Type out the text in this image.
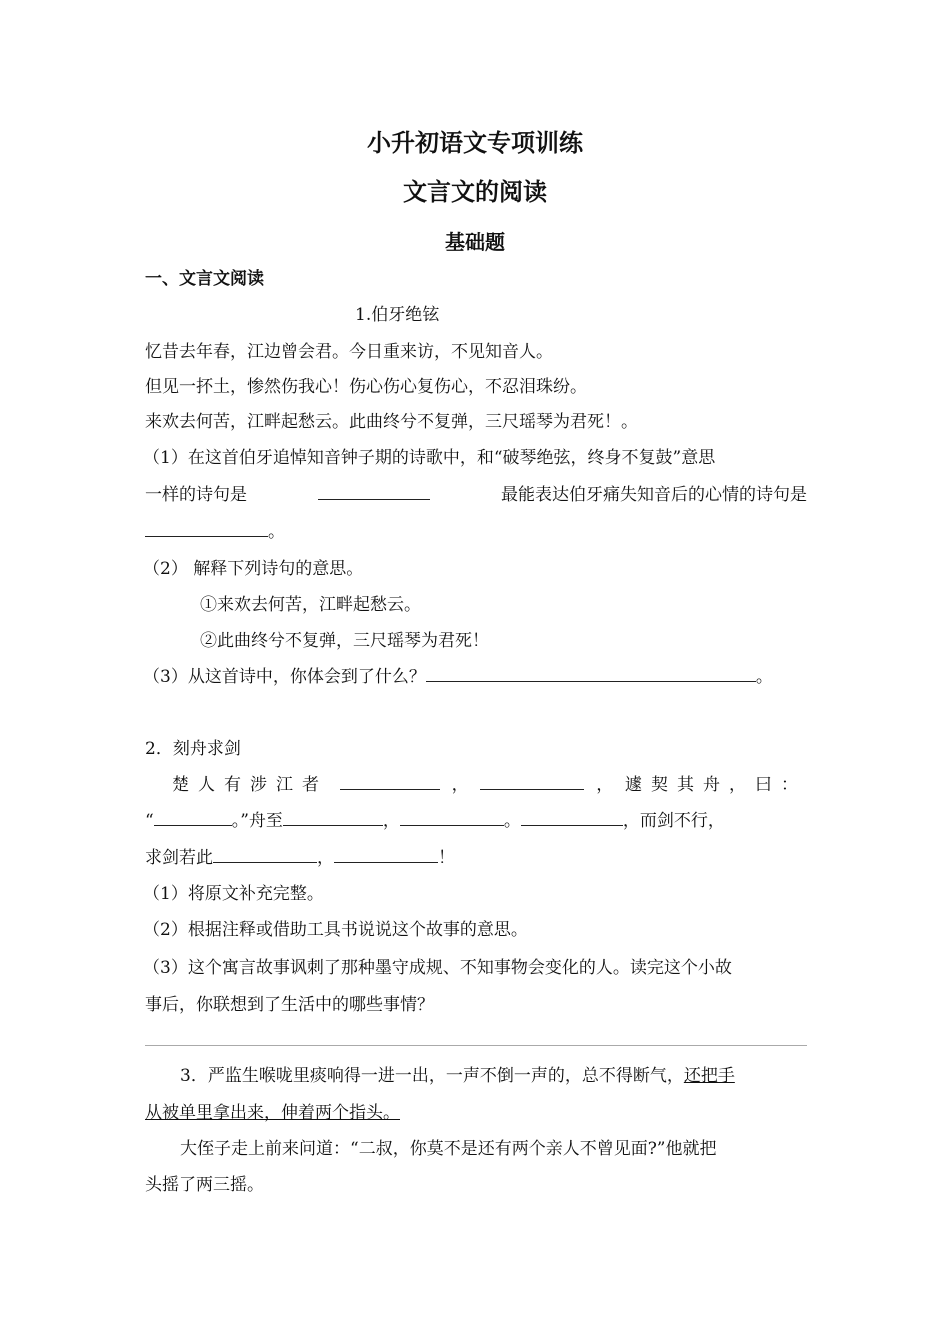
小升初语文专项训练
文言文的阅读
基础题
一、文言文阅读
1.伯牙绝铉
忆昔去年春，江边曾会君。今日重来访，不见知音人。
但见一抔土，惨然伤我心！伤心伤心复伤心，不忍泪珠纷。
来欢去何苦，江畔起愁云。此曲终兮不复弹，三尺瑶琴为君死！。
（1）在这首伯牙追悼知音钟子期的诗歌中，和“破琴绝弦，终身不复鼓”意思
一样的诗句是	最能表达伯牙痛失知音后的心情的诗句是
。
（2） 解释下列诗句的意思。
①来欢去何苦，江畔起愁云。
②此曲终兮不复弹，三尺瑶琴为君死！
（3）从这首诗中，你体会到了什么？	。
2．刻舟求剑
楚人有涉江者	，	， 遽契其舟，曰：
“	。”舟至	，	。	，而剑不行，
求剑若此	，	！
（1）将原文补充完整。
（2）根据注释或借助工具书说说这个故事的意思。
（3）这个寓言故事讽刺了那种墨守成规、不知事物会变化的人。读完这个小故
事后，你联想到了生活中的哪些事情？
3．严监生喉咙里痰响得一进一出，一声不倒一声的，总不得断气，还把手
从被单里拿出来，伸着两个指头。
大侄子走上前来问道：“二叔，你莫不是还有两个亲人不曾见面?”他就把
头摇了两三摇。
